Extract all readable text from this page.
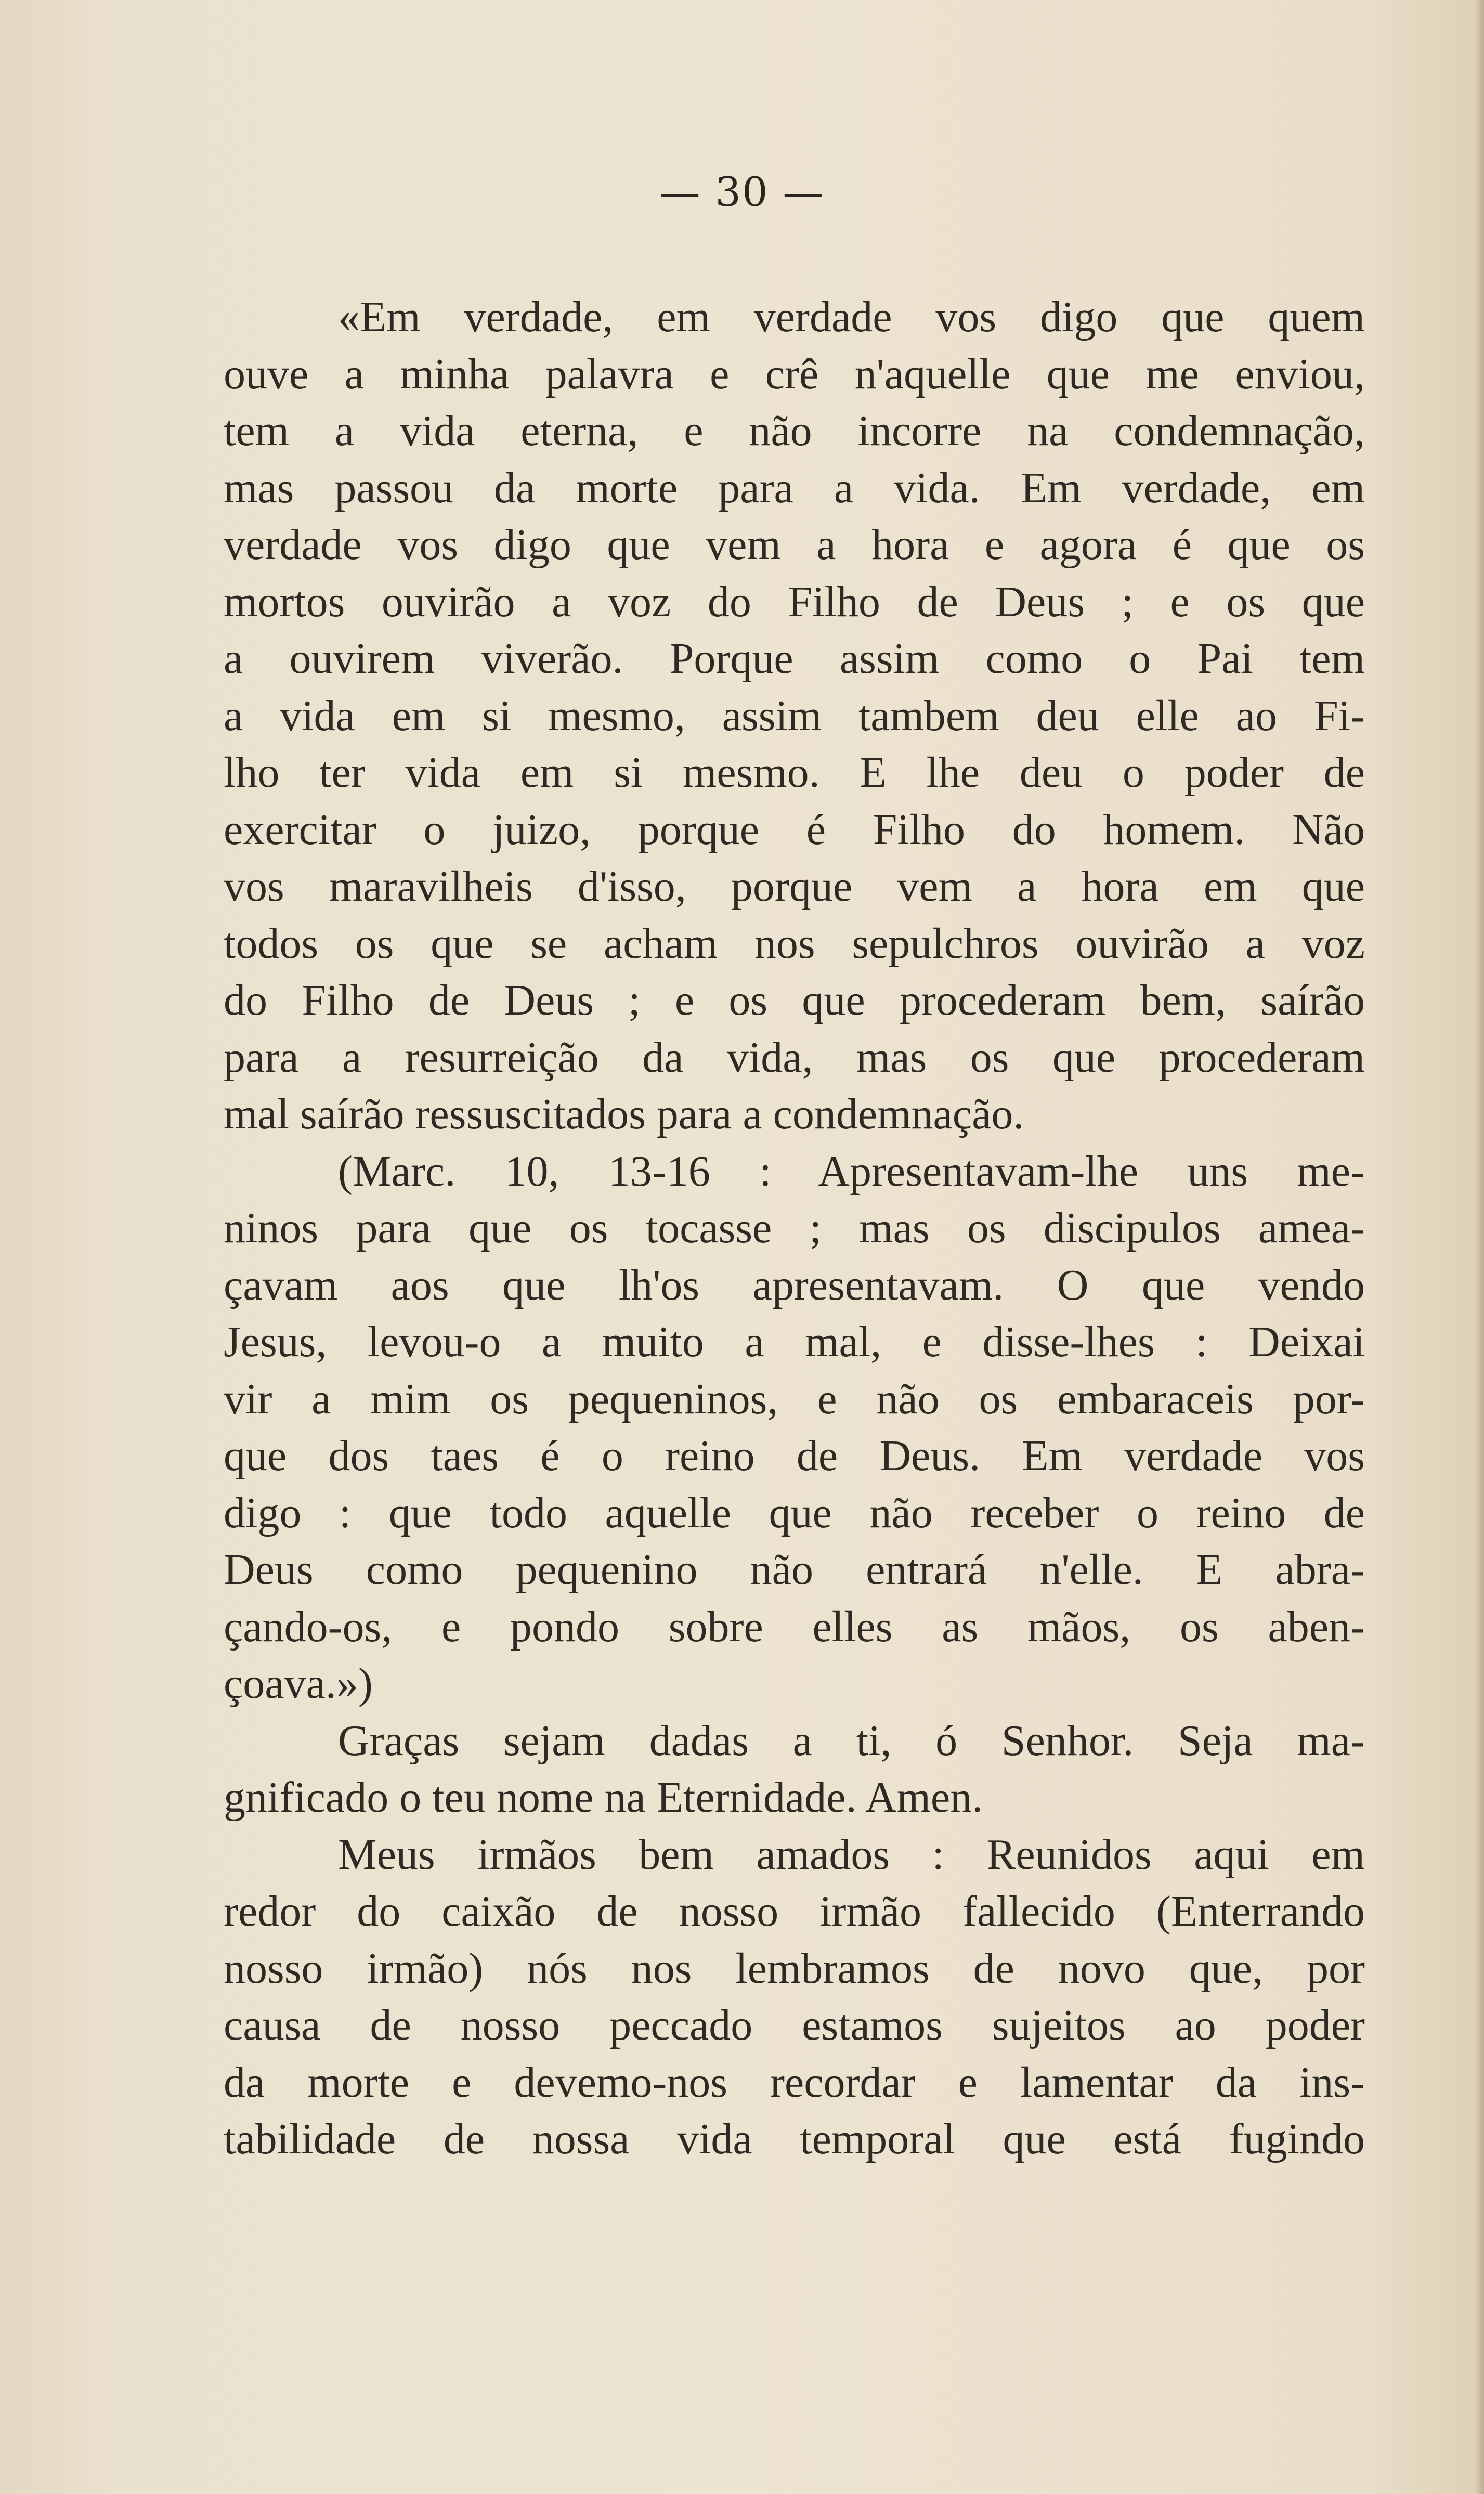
— 30 —
«Em verdade, em verdade vos digo que quem
ouve a minha palavra e crê n'aquelle que me enviou,
tem a vida eterna, e não incorre na condemnação,
mas passou da morte para a vida. Em verdade, em
verdade vos digo que vem a hora e agora é que os
mortos ouvirão a voz do Filho de Deus ; e os que
a ouvirem viverão. Porque assim como o Pai tem
a vida em si mesmo, assim tambem deu elle ao Fi-
lho ter vida em si mesmo. E lhe deu o poder de
exercitar o juizo, porque é Filho do homem. Não
vos maravilheis d'isso, porque vem a hora em que
todos os que se acham nos sepulchros ouvirão a voz
do Filho de Deus ; e os que procederam bem, saírão
para a resurreição da vida, mas os que procederam
mal saírão ressuscitados para a condemnação.
(Marc. 10, 13-16 : Apresentavam-lhe uns me-
ninos para que os tocasse ; mas os discipulos amea-
çavam aos que lh'os apresentavam. O que vendo
Jesus, levou-o a muito a mal, e disse-lhes : Deixai
vir a mim os pequeninos, e não os embaraceis por-
que dos taes é o reino de Deus. Em verdade vos
digo : que todo aquelle que não receber o reino de
Deus como pequenino não entrará n'elle. E abra-
çando-os, e pondo sobre elles as mãos, os aben-
çoava.»)
Graças sejam dadas a ti, ó Senhor. Seja ma-
gnificado o teu nome na Eternidade. Amen.
Meus irmãos bem amados : Reunidos aqui em
redor do caixão de nosso irmão fallecido (Enterrando
nosso irmão) nós nos lembramos de novo que, por
causa de nosso peccado estamos sujeitos ao poder
da morte e devemo-nos recordar e lamentar da ins-
tabilidade de nossa vida temporal que está fugindo
